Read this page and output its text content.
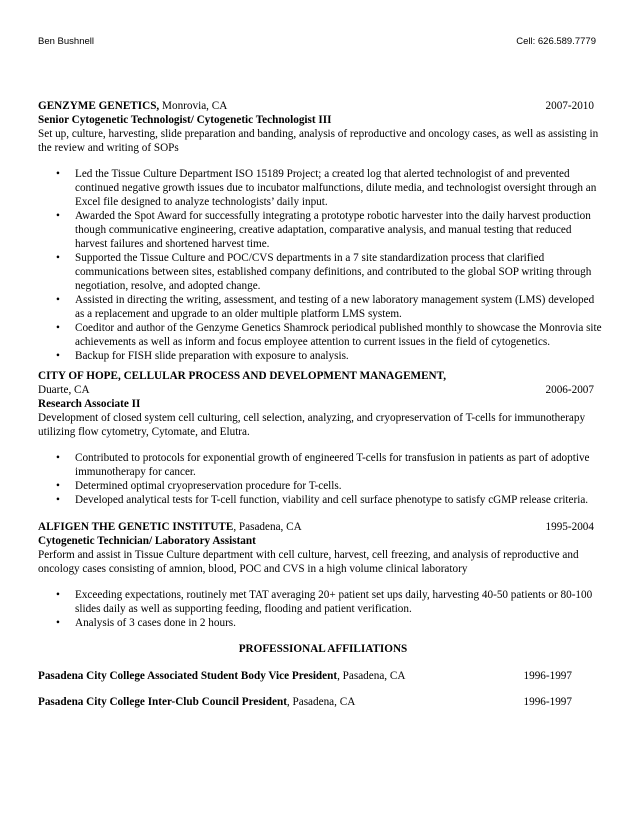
Ben Bushnell	Cell: 626.589.7779
GENZYME GENETICS, Monrovia, CA	2007-2010
Senior Cytogenetic Technologist/ Cytogenetic Technologist III

Set up, culture, harvesting, slide preparation and banding, analysis of reproductive and oncology cases, as well as assisting in the review and writing of SOPs

• Led the Tissue Culture Department ISO 15189 Project; a created log that alerted technologist of and prevented continued negative growth issues due to incubator malfunctions, dilute media, and technologist oversight through an Excel file designed to analyze technologists’ daily input.
• Awarded the Spot Award for successfully integrating a prototype robotic harvester into the daily harvest production though communicative engineering, creative adaptation, comparative analysis, and manual testing that reduced harvest failures and shortened harvest time.
• Supported the Tissue Culture and POC/CVS departments in a 7 site standardization process that clarified communications between sites, established company definitions, and contributed to the global SOP writing through negotiation, resolve, and adopted change.
• Assisted in directing the writing, assessment, and testing of a new laboratory management system (LMS) developed as a replacement and upgrade to an older multiple platform LMS system.
• Coeditor and author of the Genzyme Genetics Shamrock periodical published monthly to showcase the Monrovia site achievements as well as inform and focus employee attention to current issues in the field of cytogenetics.
• Backup for FISH slide preparation with exposure to analysis.
CITY OF HOPE, CELLULAR PROCESS AND DEVELOPMENT MANAGEMENT,
Duarte, CA	2006-2007
Research Associate II

Development of closed system cell culturing, cell selection, analyzing, and cryopreservation of T-cells for immunotherapy utilizing flow cytometry, Cytomate, and Elutra.

• Contributed to protocols for exponential growth of engineered T-cells for transfusion in patients as part of adoptive immunotherapy for cancer.
• Determined optimal cryopreservation procedure for T-cells.
• Developed analytical tests for T-cell function, viability and cell surface phenotype to satisfy cGMP release criteria.
ALFIGEN THE GENETIC INSTITUTE, Pasadena, CA	1995-2004
Cytogenetic Technician/ Laboratory Assistant

Perform and assist in Tissue Culture department with cell culture, harvest, cell freezing, and analysis of reproductive and oncology cases consisting of amnion, blood, POC and CVS in a high volume clinical laboratory

• Exceeding expectations, routinely met TAT averaging 20+ patient set ups daily, harvesting 40-50 patients or 80-100 slides daily as well as supporting feeding, flooding and patient verification.
• Analysis of 3 cases done in 2 hours.
PROFESSIONAL AFFILIATIONS
Pasadena City College Associated Student Body Vice President, Pasadena, CA	1996-1997
Pasadena City College Inter-Club Council President, Pasadena, CA	1996-1997
